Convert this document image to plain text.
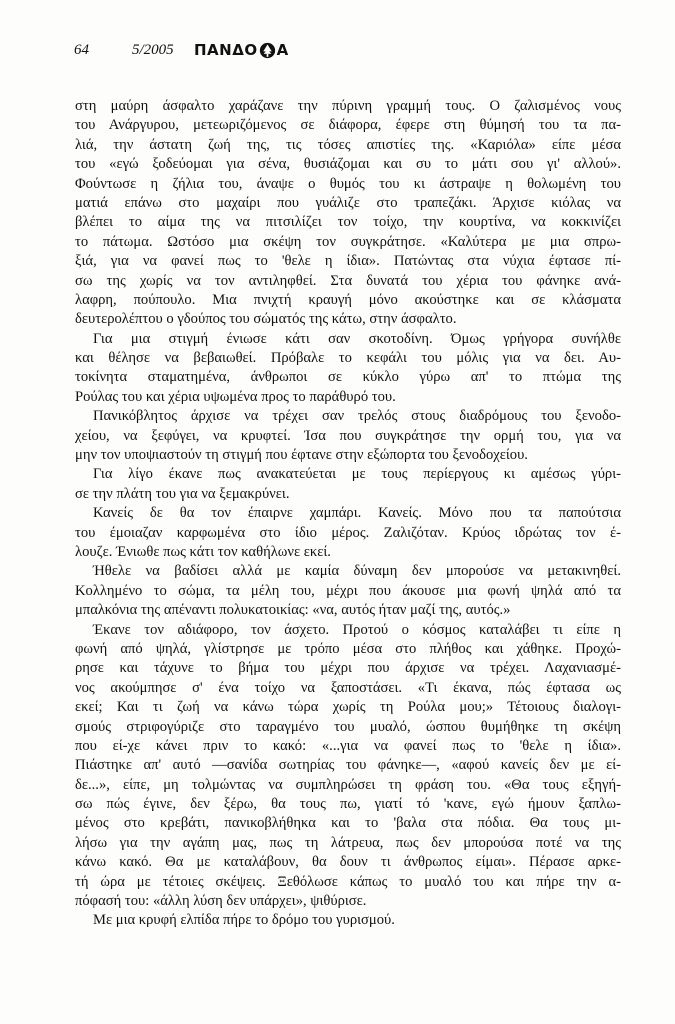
64	5/2005	ΠΑΝΔΟ Α
στη μαύρη άσφαλτο χαράζανε την πύρινη γραμμή τους. Ο ζαλισμένος νους
του Ανάργυρου, μετεωριζόμενος σε διάφορα, έφερε στη θύμησή του τα πα-
λιά, την άστατη ζωή της, τις τόσες απιστίες της. «Καριόλα» είπε μέσα
του «εγώ ξοδεύομαι για σένα, θυσιάζομαι και συ το μάτι σου γι' αλλού».
Φούντωσε η ζήλια του, άναψε ο θυμός του κι άστραψε η θολωμένη του
ματιά επάνω στο μαχαίρι που γυάλιζε στο τραπεζάκι. Άρχισε κιόλας να
βλέπει το αίμα της να πιτσιλίζει τον τοίχο, την κουρτίνα, να κοκκινίζει
το πάτωμα. Ωστόσο μια σκέψη τον συγκράτησε. «Καλύτερα με μια σπρω-
ξιά, για να φανεί πως το 'θελε η ίδια». Πατώντας στα νύχια έφτασε πί-
σω της χωρίς να τον αντιληφθεί. Στα δυνατά του χέρια του φάνηκε ανά-
λαφρη, πούπουλο. Μια πνιχτή κραυγή μόνο ακούστηκε και σε κλάσματα
δευτερολέπτου ο γδούπος του σώματός της κάτω, στην άσφαλτο.
Για μια στιγμή ένιωσε κάτι σαν σκοτοδίνη. Όμως γρήγορα συνήλθε
και θέλησε να βεβαιωθεί. Πρόβαλε το κεφάλι του μόλις για να δει. Αυ-
τοκίνητα σταματημένα, άνθρωποι σε κύκλο γύρω απ' το πτώμα της
Ρούλας του και χέρια υψωμένα προς το παράθυρό του.
Πανικόβλητος άρχισε να τρέχει σαν τρελός στους διαδρόμους του ξενοδο-
χείου, να ξεφύγει, να κρυφτεί. Ίσα που συγκράτησε την ορμή του, για να
μην τον υποψιαστούν τη στιγμή που έφτανε στην εξώπορτα του ξενοδοχείου.
Για λίγο έκανε πως ανακατεύεται με τους περίεργους κι αμέσως γύρι-
σε την πλάτη του για να ξεμακρύνει.
Κανείς δε θα τον έπαιρνε χαμπάρι. Κανείς. Μόνο που τα παπούτσια
του έμοιαζαν καρφωμένα στο ίδιο μέρος. Ζαλιζόταν. Κρύος ιδρώτας τον έ-
λουζε. Ένιωθε πως κάτι τον καθήλωνε εκεί.
Ήθελε να βαδίσει αλλά με καμία δύναμη δεν μπορούσε να μετακινηθεί.
Κολλημένο το σώμα, τα μέλη του, μέχρι που άκουσε μια φωνή ψηλά από τα
μπαλκόνια της απέναντι πολυκατοικίας: «να, αυτός ήταν μαζί της, αυτός.»
Έκανε τον αδιάφορο, τον άσχετο. Προτού ο κόσμος καταλάβει τι είπε η
φωνή από ψηλά, γλίστρησε με τρόπο μέσα στο πλήθος και χάθηκε. Προχώ-
ρησε και τάχυνε το βήμα του μέχρι που άρχισε να τρέχει. Λαχανιασμέ-
νος ακούμπησε σ' ένα τοίχο να ξαποστάσει. «Τι έκανα, πώς έφτασα ως
εκεί; Και τι ζωή να κάνω τώρα χωρίς τη Ρούλα μου;» Τέτοιους διαλογι-
σμούς στριφογύριζε στο ταραγμένο του μυαλό, ώσπου θυμήθηκε τη σκέψη
που εί-χε κάνει πριν το κακό: «...για να φανεί πως το 'θελε η ίδια».
Πιάστηκε απ' αυτό —σανίδα σωτηρίας του φάνηκε—, «αφού κανείς δεν με εί-
δε...», είπε, μη τολμώντας να συμπληρώσει τη φράση του. «Θα τους εξηγή-
σω πώς έγινε, δεν ξέρω, θα τους πω, γιατί τό 'κανε, εγώ ήμουν ξαπλω-
μένος στο κρεβάτι, πανικοβλήθηκα και το 'βαλα στα πόδια. Θα τους μι-
λήσω για την αγάπη μας, πως τη λάτρευα, πως δεν μπορούσα ποτέ να της
κάνω κακό. Θα με καταλάβουν, θα δουν τι άνθρωπος είμαι». Πέρασε αρκε-
τή ώρα με τέτοιες σκέψεις. Ξεθόλωσε κάπως το μυαλό του και πήρε την α-
πόφασή του: «άλλη λύση δεν υπάρχει», ψιθύρισε.
Με μια κρυφή ελπίδα πήρε το δρόμο του γυρισμού.
